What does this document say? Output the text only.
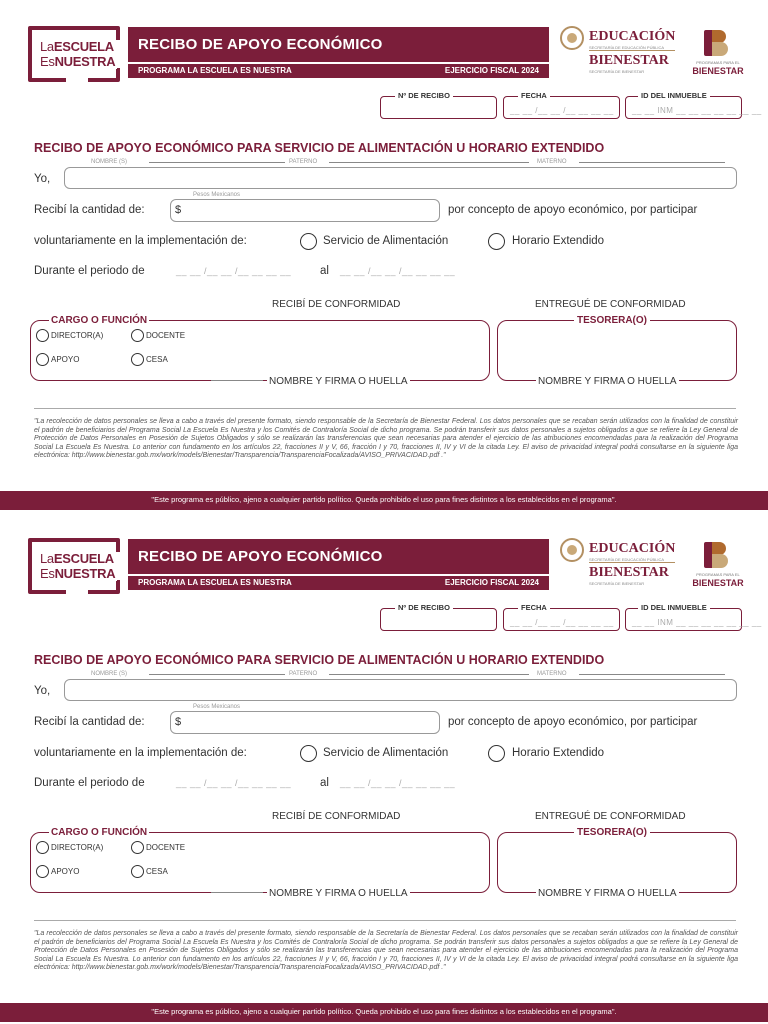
LaESCUELA
EsNUESTRA
RECIBO DE APOYO ECONÓMICO
PROGRAMA LA ESCUELA ES NUESTRA	EJERCICIO FISCAL 2024
EDUCACIÓN
SECRETARÍA DE EDUCACIÓN PÚBLICA
BIENESTAR
SECRETARÍA DE BIENESTAR
PROGRAMAS PARA EL
BIENESTAR
Nº DE RECIBO	FECHA
__ __ /__ __ /__ __ __ __
ID DEL INMUEBLE
__ __ INM __ __ __ __ __ __ __
RECIBO DE APOYO ECONÓMICO PARA SERVICIO DE ALIMENTACIÓN U HORARIO EXTENDIDO
Yo,
NOMBRE (S)	PATERNO	MATERNO
Recibí la cantidad de:
Pesos Mexicanos
$	por concepto de apoyo económico, por participar
voluntariamente en la implementación de:	Servicio de Alimentación	Horario Extendido
Durante el periodo de	__ __ /__ __ /__ __ __ __	al __ __ /__ __ /__ __ __ __
RECIBÍ DE CONFORMIDAD	ENTREGUÉ DE CONFORMIDAD
CARGO O FUNCIÓN
DIRECTOR(A)	DOCENTE
APOYO	CESA
NOMBRE Y FIRMA O HUELLA
TESORERA(O)
NOMBRE Y FIRMA O HUELLA
"La recolección de datos personales se lleva a cabo a través del presente formato, siendo responsable de la Secretaría de Bienestar Federal. Los datos personales que se recaban serán utilizados con la finalidad de constituir el padrón de beneficiarios del Programa Social La Escuela Es Nuestra y los Comités de Contraloría Social de dicho programa. Se podrán transferir sus datos personales a sujetos obligados a que se refiere la Ley General de Protección de Datos Personales en Posesión de Sujetos Obligados y sólo se realizarán las transferencias que sean necesarias para atender el ejercicio de las atribuciones encomendadas para la realización del Programa Social La Escuela Es Nuestra. Lo anterior con fundamento en los artículos 22, fracciones II y V, 66, fracción I y 70, fracciones II, IV y VI de la citada Ley. El aviso de privacidad integral podrá consultarse en la siguiente liga electrónica: http://www.bienestar.gob.mx/work/models/Bienestar/Transparencia/TransparenciaFocalizada/AVISO_PRIVACIDAD.pdf ."
"Este programa es público, ajeno a cualquier partido político. Queda prohibido el uso para fines distintos a los establecidos en el programa".
LaESCUELA
EsNUESTRA
RECIBO DE APOYO ECONÓMICO
PROGRAMA LA ESCUELA ES NUESTRA	EJERCICIO FISCAL 2024
EDUCACIÓN
SECRETARÍA DE EDUCACIÓN PÚBLICA
BIENESTAR
SECRETARÍA DE BIENESTAR
PROGRAMAS PARA EL
BIENESTAR
Nº DE RECIBO	FECHA
__ __ /__ __ /__ __ __ __
ID DEL INMUEBLE
__ __ INM __ __ __ __ __ __ __
RECIBO DE APOYO ECONÓMICO PARA SERVICIO DE ALIMENTACIÓN U HORARIO EXTENDIDO
Yo,
NOMBRE (S)	PATERNO	MATERNO
Recibí la cantidad de:
Pesos Mexicanos
$	por concepto de apoyo económico, por participar
voluntariamente en la implementación de:	Servicio de Alimentación	Horario Extendido
Durante el periodo de	__ __ /__ __ /__ __ __ __	al __ __ /__ __ /__ __ __ __
RECIBÍ DE CONFORMIDAD	ENTREGUÉ DE CONFORMIDAD
CARGO O FUNCIÓN
DIRECTOR(A)	DOCENTE
APOYO	CESA
NOMBRE Y FIRMA O HUELLA
TESORERA(O)
NOMBRE Y FIRMA O HUELLA
"La recolección de datos personales se lleva a cabo a través del presente formato, siendo responsable de la Secretaría de Bienestar Federal. Los datos personales que se recaban serán utilizados con la finalidad de constituir el padrón de beneficiarios del Programa Social La Escuela Es Nuestra y los Comités de Contraloría Social de dicho programa. Se podrán transferir sus datos personales a sujetos obligados a que se refiere la Ley General de Protección de Datos Personales en Posesión de Sujetos Obligados y sólo se realizarán las transferencias que sean necesarias para atender el ejercicio de las atribuciones encomendadas para la realización del Programa Social La Escuela Es Nuestra. Lo anterior con fundamento en los artículos 22, fracciones II y V, 66, fracción I y 70, fracciones II, IV y VI de la citada Ley. El aviso de privacidad integral podrá consultarse en la siguiente liga electrónica: http://www.bienestar.gob.mx/work/models/Bienestar/Transparencia/TransparenciaFocalizada/AVISO_PRIVACIDAD.pdf ."
"Este programa es público, ajeno a cualquier partido político. Queda prohibido el uso para fines distintos a los establecidos en el programa".
